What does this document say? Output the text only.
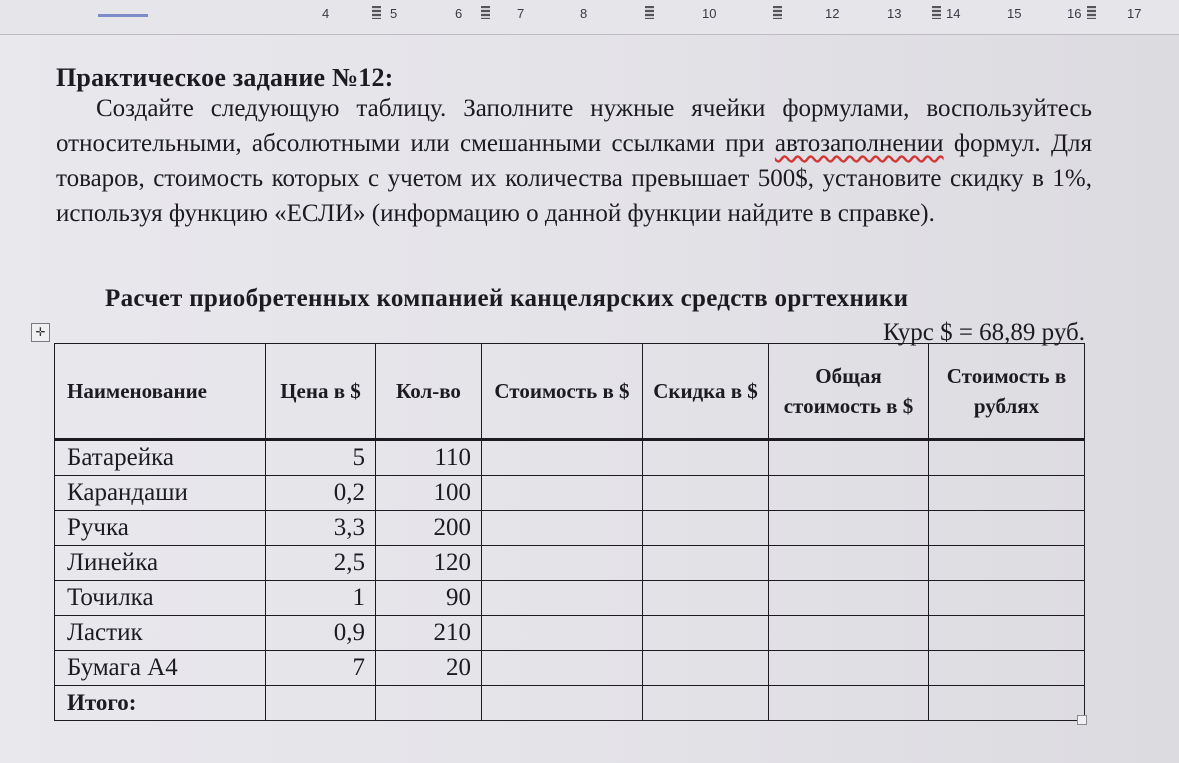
4	5	6	7	8	10	12	13	14	15	16	17
Практическое задание №12:
Создайте следующую таблицу. Заполните нужные ячейки формулами, воспользуйтесь относительными, абсолютными или смешанными ссылками при автозаполнении формул. Для товаров, стоимость которых с учетом их количества превышает 500$, установите скидку в 1%, используя функцию «ЕСЛИ» (информацию о данной функции найдите в справке).
Расчет приобретенных компанией канцелярских средств оргтехники
Курс $ = 68,89 руб.
✛
Наименование	Цена в $	Кол-во	Стоимость в $	Скидка в $	Общая стоимость в $	Стоимость в рублях
Батарейка	5	110				
Карандаши	0,2	100				
Ручка	3,3	200				
Линейка	2,5	120				
Точилка	1	90				
Ластик	0,9	210				
Бумага А4	7	20				
Итого:						
